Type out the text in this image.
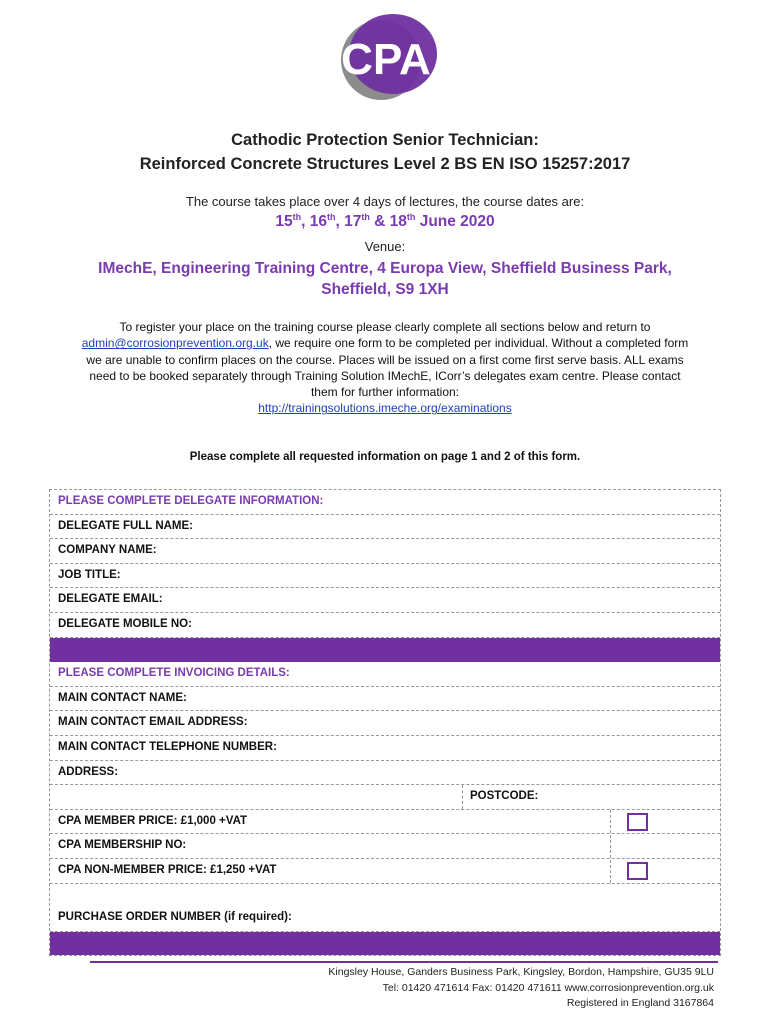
CPA
Cathodic Protection Senior Technician:
Reinforced Concrete Structures Level 2 BS EN ISO 15257:2017
The course takes place over 4 days of lectures, the course dates are:
15th, 16th, 17th & 18th June 2020
Venue:
IMechE, Engineering Training Centre, 4 Europa View, Sheffield Business Park,
Sheffield, S9 1XH
To register your place on the training course please clearly complete all sections below and return to admin@corrosionprevention.org.uk, we require one form to be completed per individual. Without a completed form we are unable to confirm places on the course. Places will be issued on a first come first serve basis. ALL exams need to be booked separately through Training Solution IMechE, ICorr’s delegates exam centre. Please contact them for further information:
http://trainingsolutions.imeche.org/examinations
Please complete all requested information on page 1 and 2 of this form.
PLEASE COMPLETE DELEGATE INFORMATION:
DELEGATE FULL NAME:
COMPANY NAME:
JOB TITLE:
DELEGATE EMAIL:
DELEGATE MOBILE NO:
PLEASE COMPLETE INVOICING DETAILS:
MAIN CONTACT NAME:
MAIN CONTACT EMAIL ADDRESS:
MAIN CONTACT TELEPHONE NUMBER:
ADDRESS:
POSTCODE:
CPA MEMBER PRICE: £1,000 +VAT
CPA MEMBERSHIP NO:
CPA NON-MEMBER PRICE: £1,250 +VAT
PURCHASE ORDER NUMBER (if required):
Kingsley House, Ganders Business Park, Kingsley, Bordon, Hampshire, GU35 9LU
Tel: 01420 471614 Fax: 01420 471611 www.corrosionprevention.org.uk
Registered in England 3167864
